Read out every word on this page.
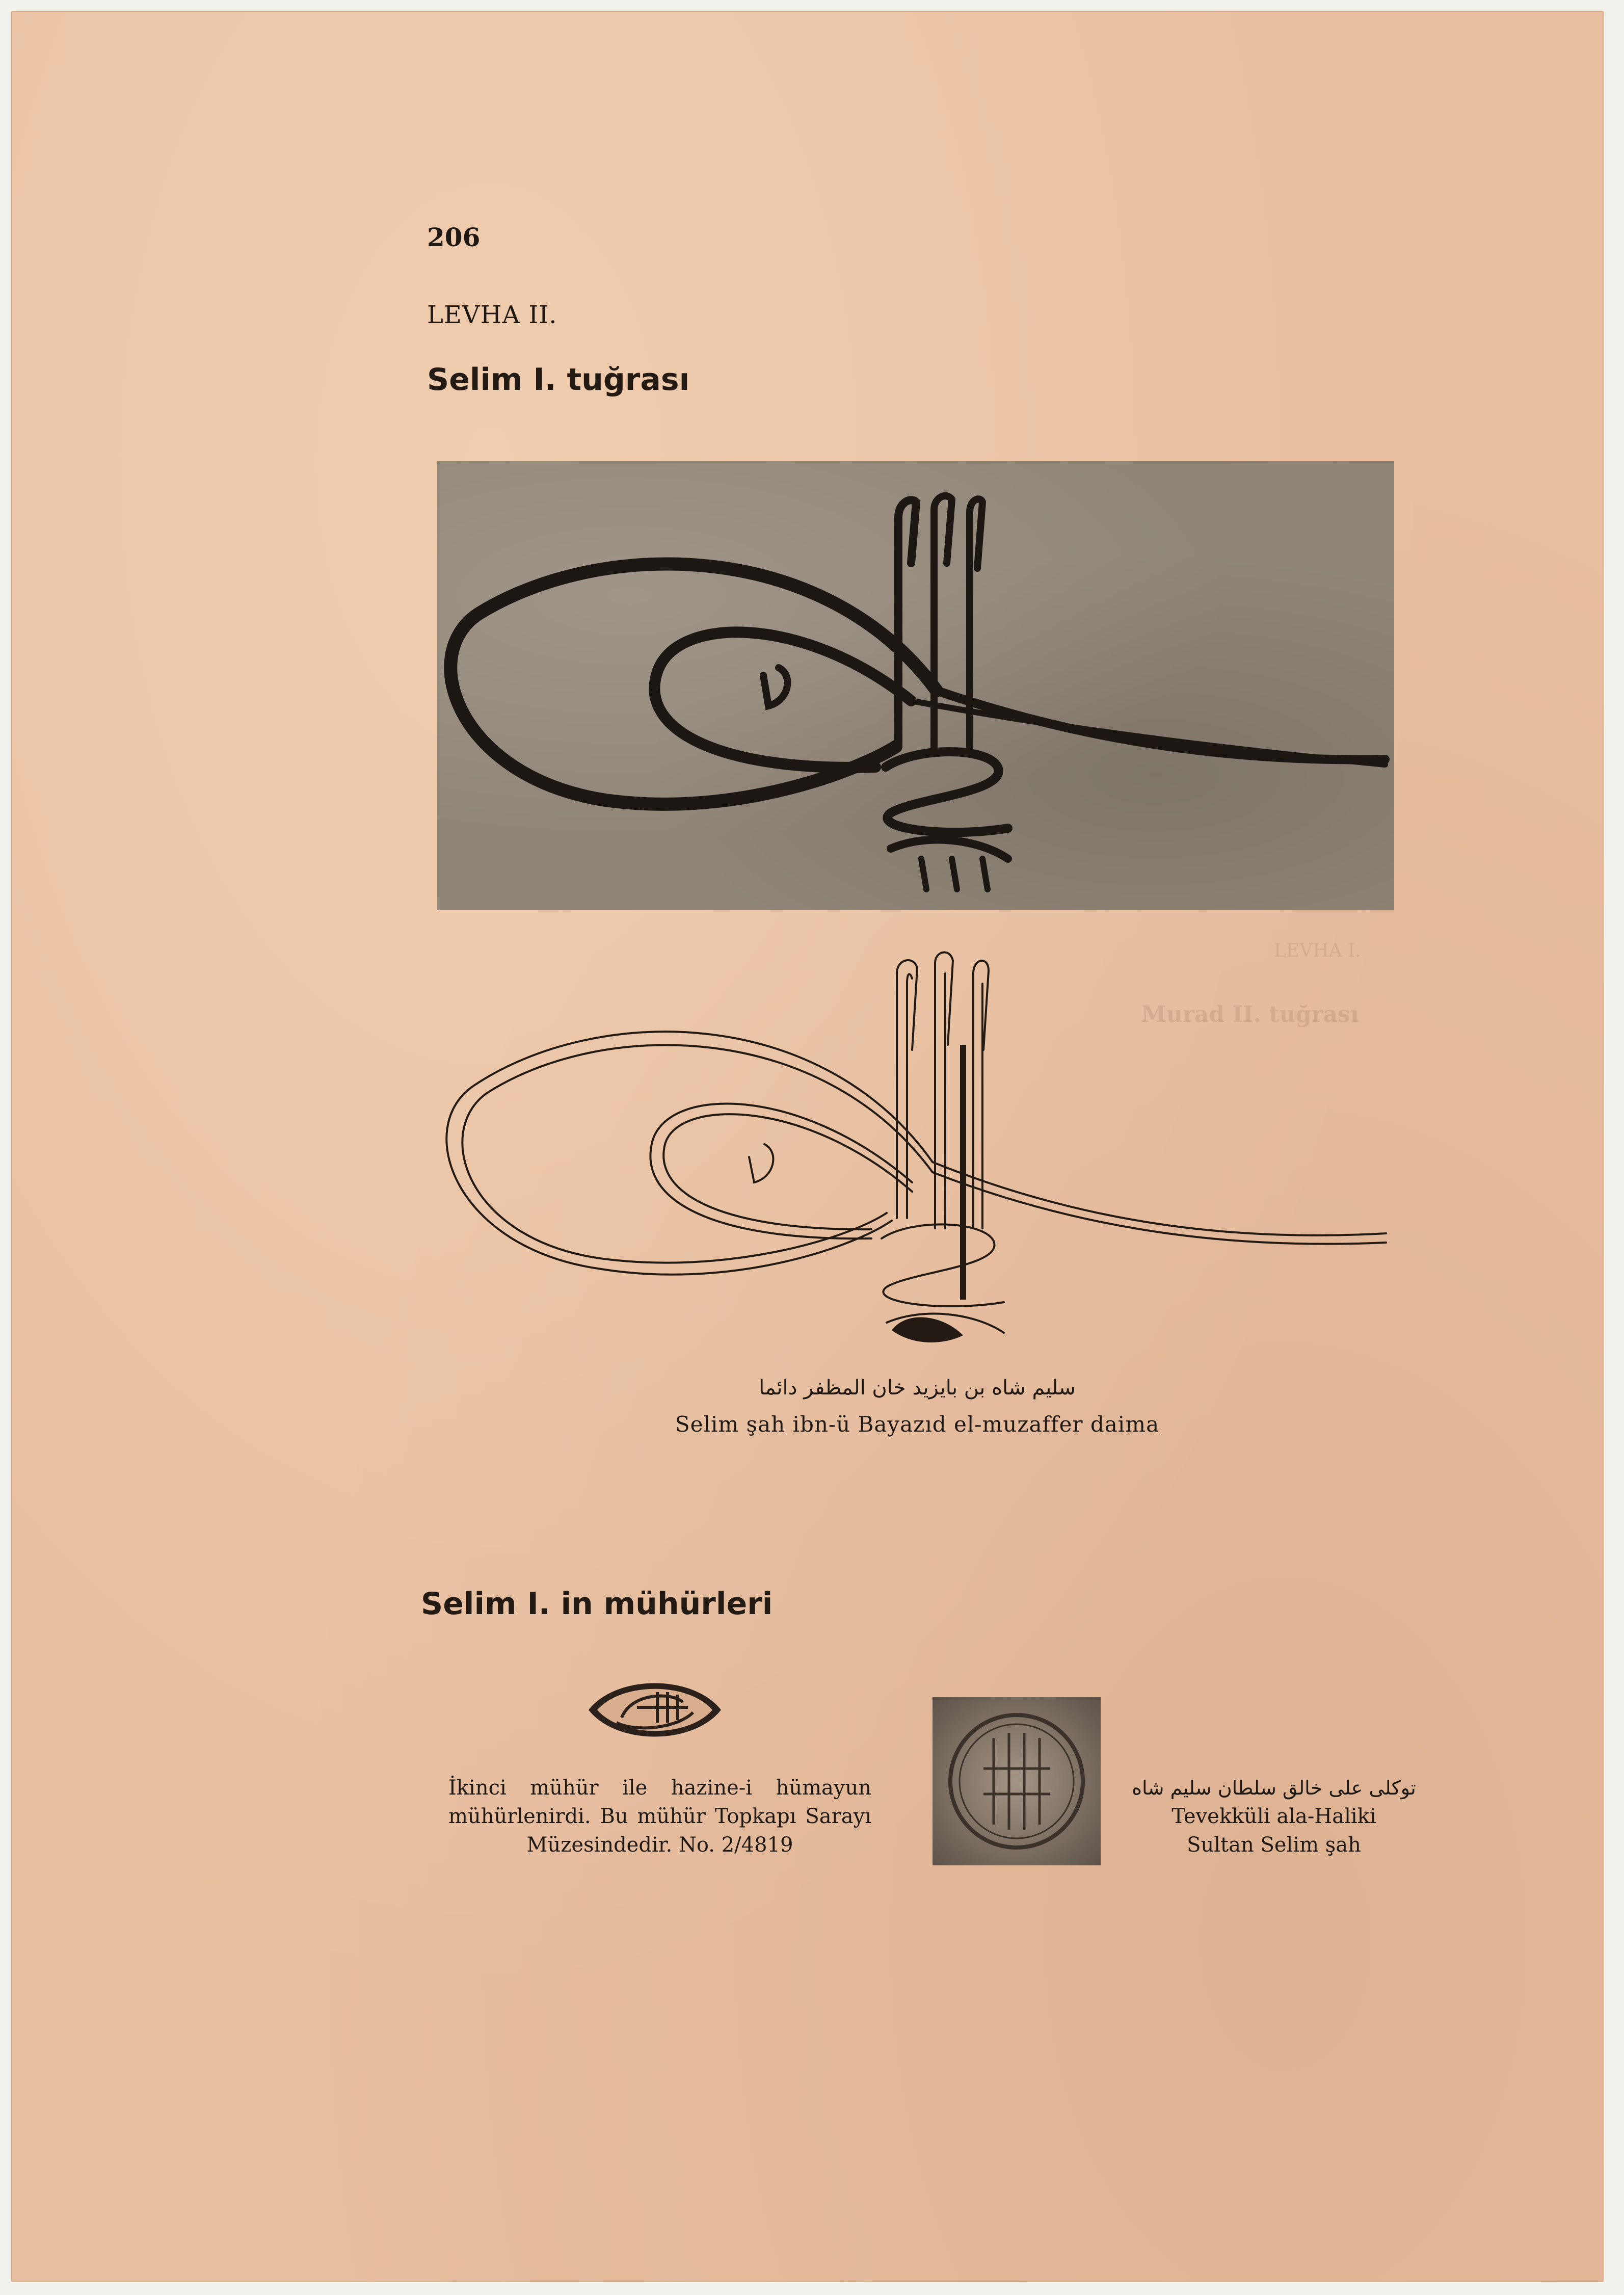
LEVHA I.
Murad II. tuğrası
206
LEVHA II.
Selim I. tuğrası
سليم شاه بن بايزيد خان المظفر دائما
Selim şah ibn-ü Bayazıd el-muzaffer daima
Selim I. in mühürleri
İkinci mühür ile hazine-i hümayun mühürlenirdi. Bu mühür Topkapı Sarayı Müzesindedir. No. 2/4819
توكلى على خالق سلطان سليم شاه
Tevekküli ala-Haliki
Sultan Selim şah
